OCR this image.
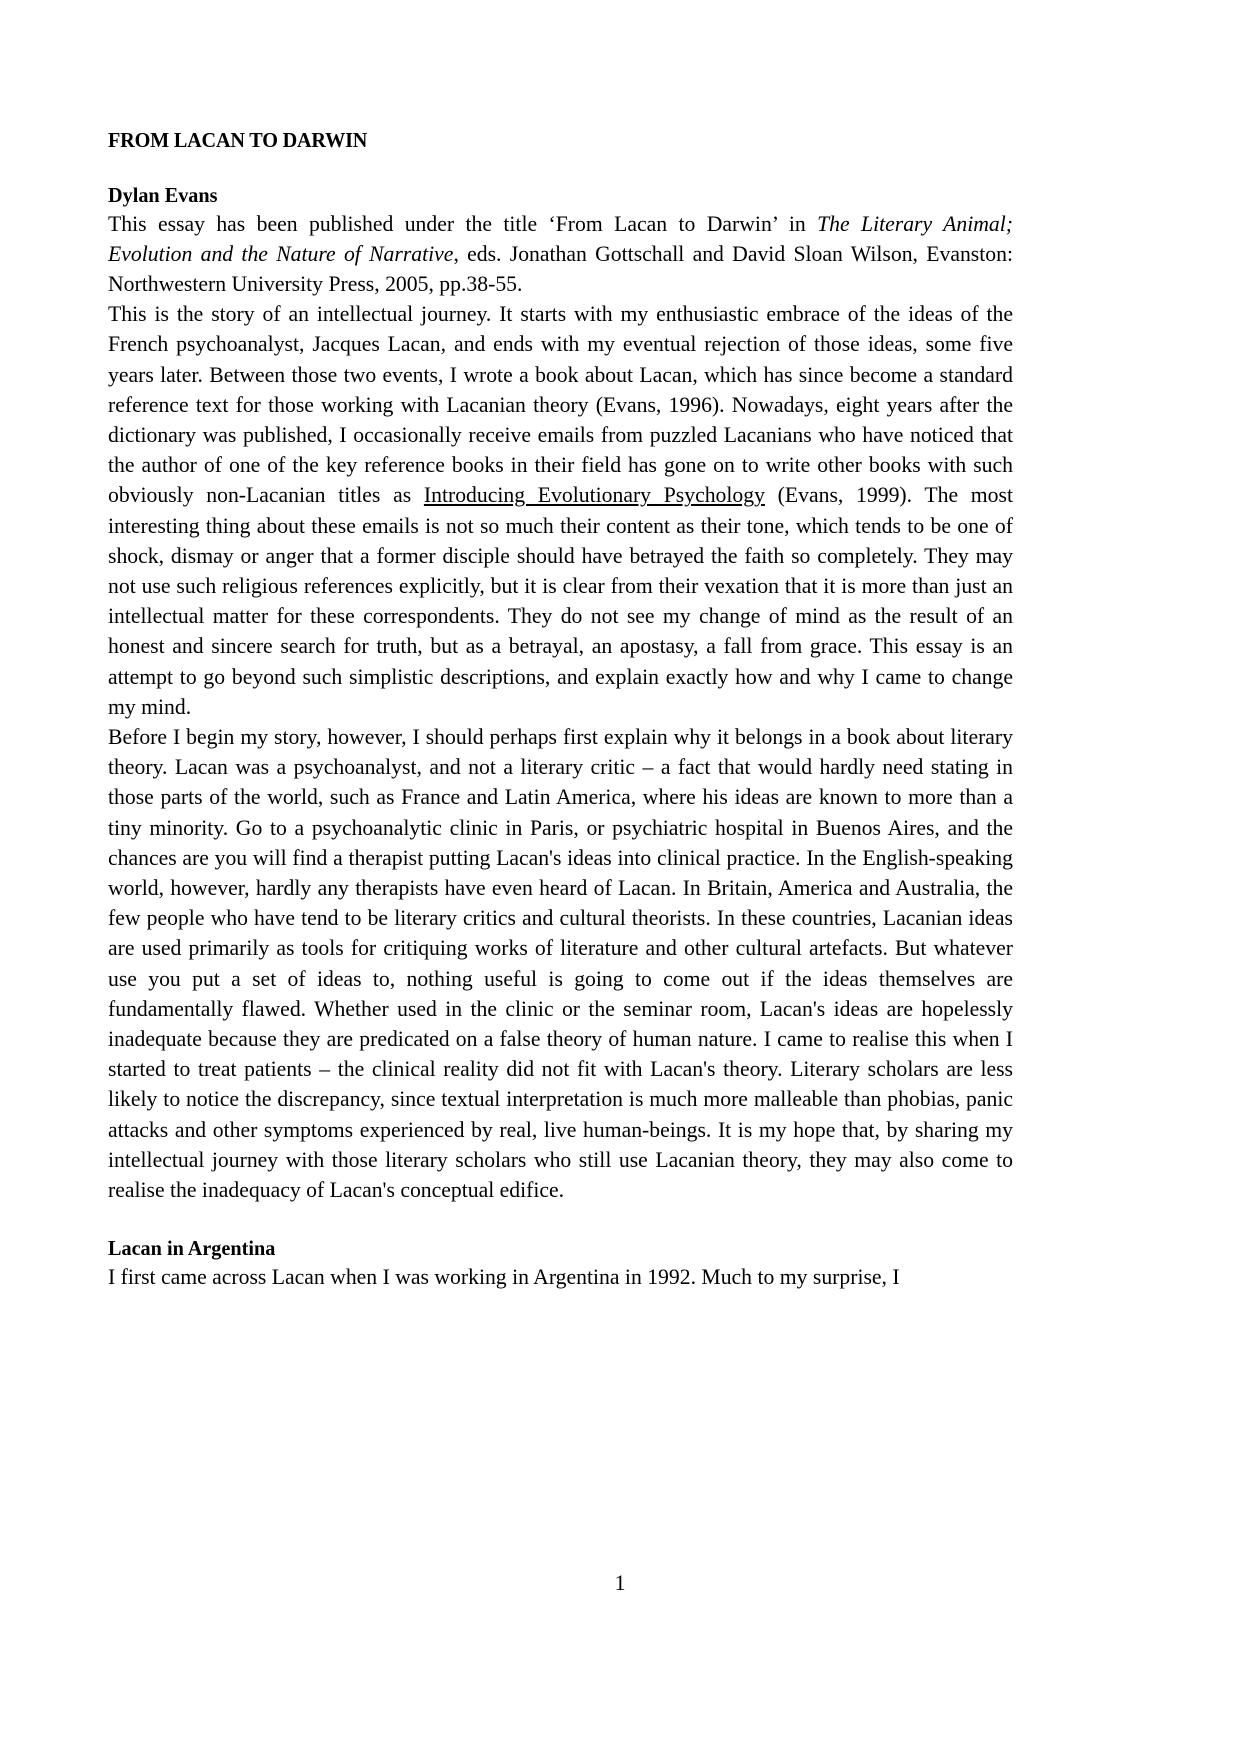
FROM LACAN TO DARWIN
Dylan Evans

This essay has been published under the title ‘From Lacan to Darwin’ in The Literary Animal; Evolution and the Nature of Narrative, eds. Jonathan Gottschall and David Sloan Wilson, Evanston: Northwestern University Press, 2005, pp.38-55.

This is the story of an intellectual journey. It starts with my enthusiastic embrace of the ideas of the French psychoanalyst, Jacques Lacan, and ends with my eventual rejection of those ideas, some five years later. Between those two events, I wrote a book about Lacan, which has since become a standard reference text for those working with Lacanian theory (Evans, 1996). Nowadays, eight years after the dictionary was published, I occasionally receive emails from puzzled Lacanians who have noticed that the author of one of the key reference books in their field has gone on to write other books with such obviously non-Lacanian titles as Introducing Evolutionary Psychology (Evans, 1999). The most interesting thing about these emails is not so much their content as their tone, which tends to be one of shock, dismay or anger that a former disciple should have betrayed the faith so completely. They may not use such religious references explicitly, but it is clear from their vexation that it is more than just an intellectual matter for these correspondents. They do not see my change of mind as the result of an honest and sincere search for truth, but as a betrayal, an apostasy, a fall from grace. This essay is an attempt to go beyond such simplistic descriptions, and explain exactly how and why I came to change my mind.

Before I begin my story, however, I should perhaps first explain why it belongs in a book about literary theory. Lacan was a psychoanalyst, and not a literary critic – a fact that would hardly need stating in those parts of the world, such as France and Latin America, where his ideas are known to more than a tiny minority. Go to a psychoanalytic clinic in Paris, or psychiatric hospital in Buenos Aires, and the chances are you will find a therapist putting Lacan's ideas into clinical practice. In the English-speaking world, however, hardly any therapists have even heard of Lacan. In Britain, America and Australia, the few people who have tend to be literary critics and cultural theorists. In these countries, Lacanian ideas are used primarily as tools for critiquing works of literature and other cultural artefacts. But whatever use you put a set of ideas to, nothing useful is going to come out if the ideas themselves are fundamentally flawed. Whether used in the clinic or the seminar room, Lacan's ideas are hopelessly inadequate because they are predicated on a false theory of human nature. I came to realise this when I started to treat patients – the clinical reality did not fit with Lacan's theory. Literary scholars are less likely to notice the discrepancy, since textual interpretation is much more malleable than phobias, panic attacks and other symptoms experienced by real, live human-beings. It is my hope that, by sharing my intellectual journey with those literary scholars who still use Lacanian theory, they may also come to realise the inadequacy of Lacan's conceptual edifice.

Lacan in Argentina

I first came across Lacan when I was working in Argentina in 1992. Much to my surprise, I

1
